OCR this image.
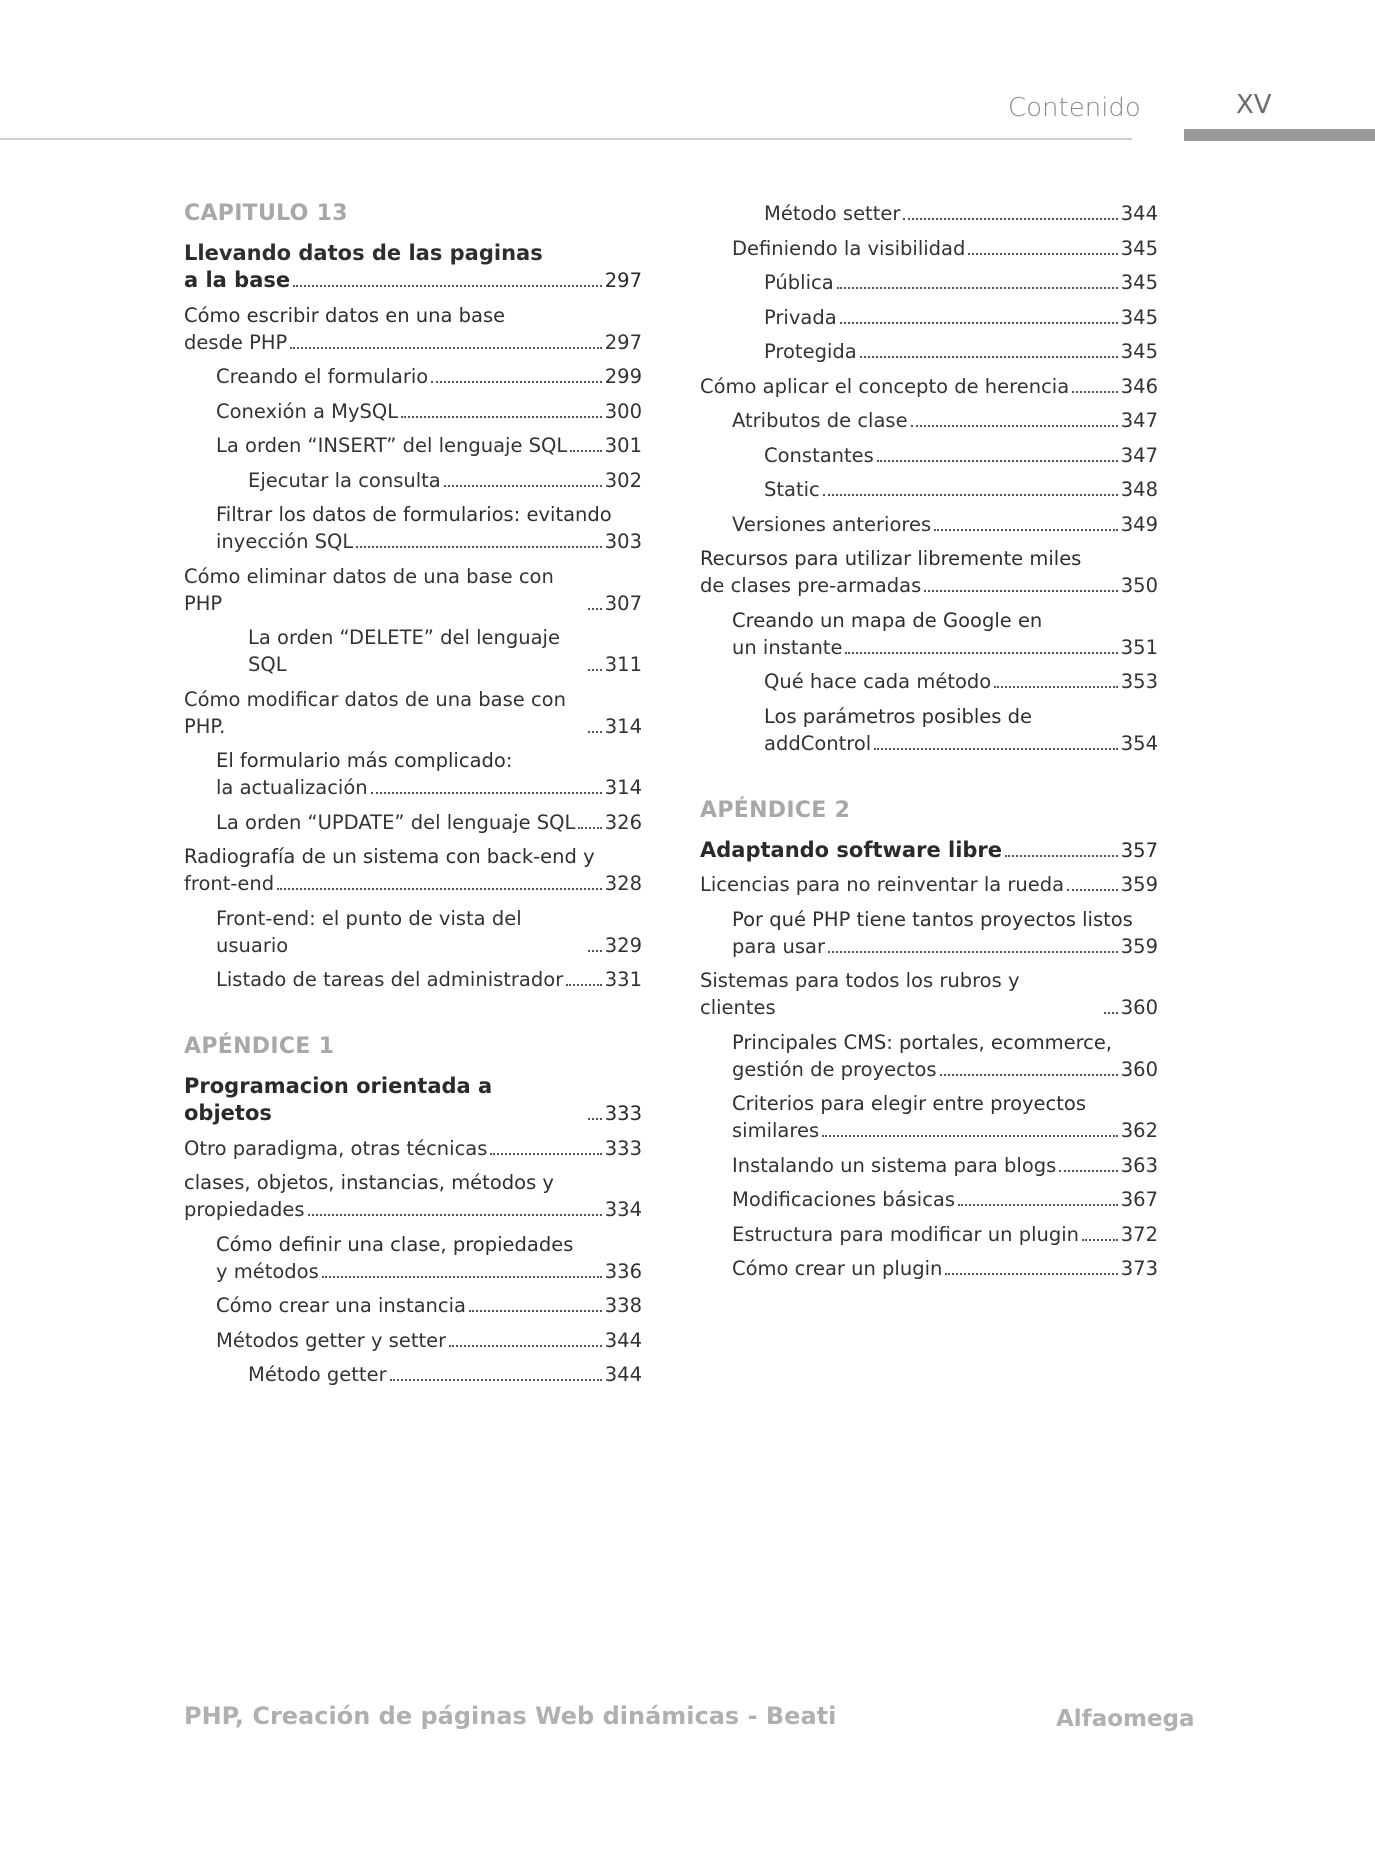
Contenido	XV
CAPITULO 13
Llevando datos de las paginas
a la base	297
Cómo escribir datos en una base
desde PHP	297
Creando el formulario	299
Conexión a MySQL	300
La orden “INSERT” del lenguaje SQL 301
Ejecutar la consulta	302
Filtrar los datos de formularios: evitando
inyección SQL	303
Cómo eliminar datos de una base con PHP	307
La orden “DELETE” del lenguaje SQL	311
Cómo modificar datos de una base con PHP.	314
El formulario más complicado:
la actualización	314
La orden “UPDATE” del lenguaje SQL 326
Radiografía de un sistema con back-end y
front-end	328
Front-end: el punto de vista del usuario	329
Listado de tareas del administrador 331
APÉNDICE 1
Programacion orientada a objetos	333
Otro paradigma, otras técnicas	333
clases, objetos, instancias, métodos y
propiedades	334
Cómo definir una clase, propiedades
y métodos	336
Cómo crear una instancia	338
Métodos getter y setter	344
Método getter	344
Método setter	344
Definiendo la visibilidad	345
Pública	345
Privada	345
Protegida	345
Cómo aplicar el concepto de herencia	346
Atributos de clase	347
Constantes	347
Static	348
Versiones anteriores	349
Recursos para utilizar libremente miles
de clases pre-armadas	350
Creando un mapa de Google en
un instante	351
Qué hace cada método	353
Los parámetros posibles de
addControl	354
APÉNDICE 2
Adaptando software libre	357
Licencias para no reinventar la rueda	359
Por qué PHP tiene tantos proyectos listos
para usar	359
Sistemas para todos los rubros y clientes	360
Principales CMS: portales, ecommerce,
gestión de proyectos	360
Criterios para elegir entre proyectos
similares	362
Instalando un sistema para blogs	363
Modificaciones básicas	367
Estructura para modificar un plugin 372
Cómo crear un plugin	373
PHP, Creación de páginas Web dinámicas - Beati	Alfaomega
